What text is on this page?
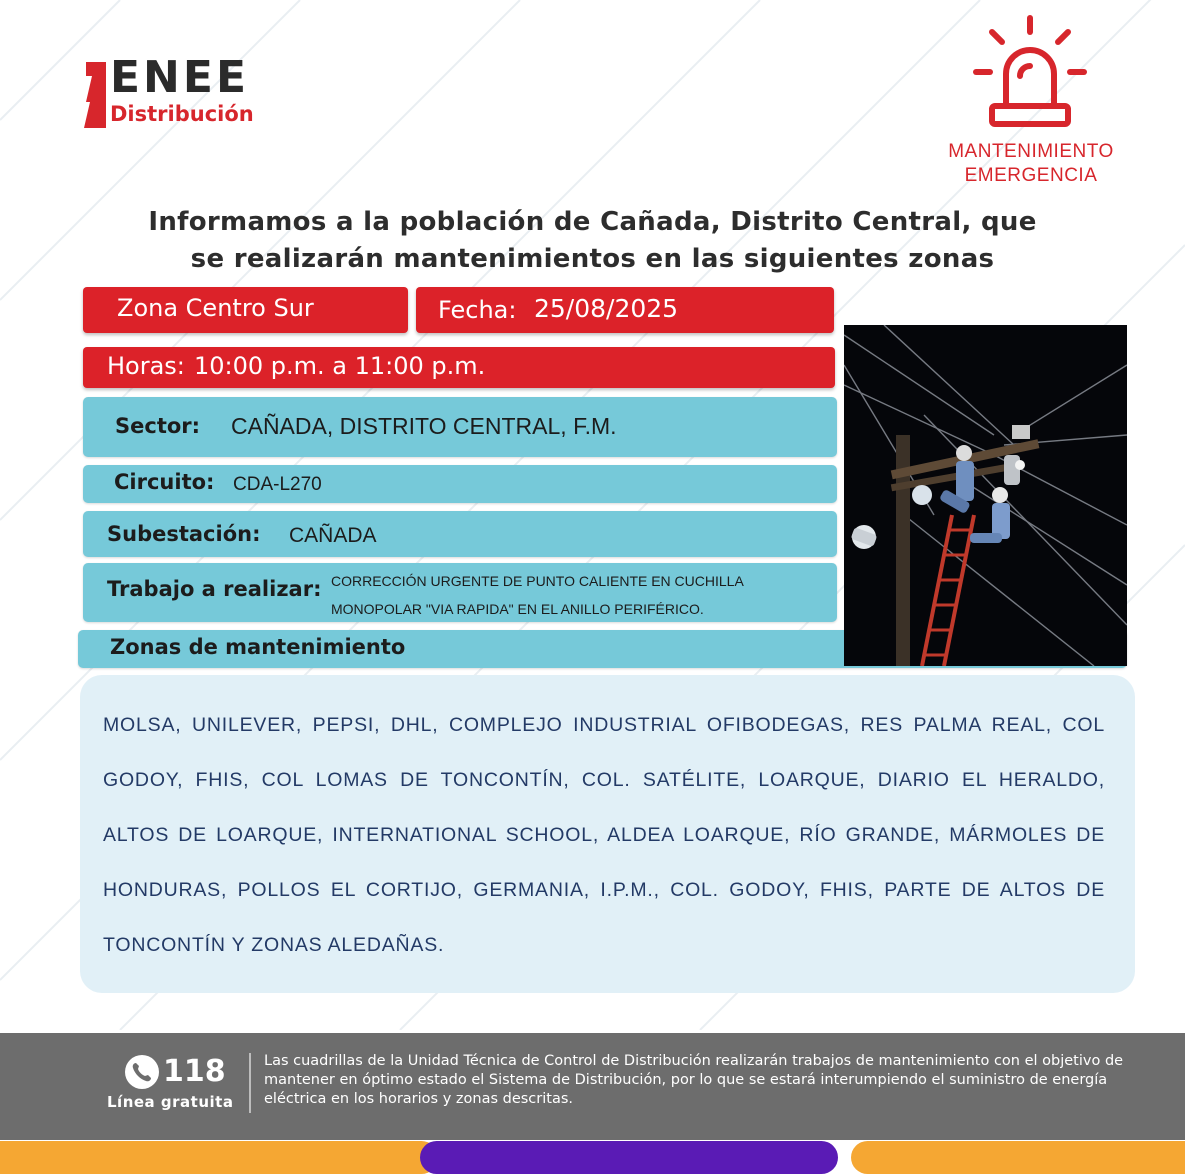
ENEE
Distribución
MANTENIMIENTO
EMERGENCIA
Informamos a la población de Cañada, Distrito Central, que
se realizarán mantenimientos en las siguientes zonas
Zona Centro Sur	Fecha: 25/08/2025
Horas: 10:00 p.m. a 11:00 p.m.
Sector: CAÑADA, DISTRITO CENTRAL, F.M.
Circuito: CDA-L270
Subestación: CAÑADA
Trabajo a realizar: CORRECCIÓN URGENTE DE PUNTO CALIENTE EN CUCHILLA
MONOPOLAR "VIA RAPIDA" EN EL ANILLO PERIFÉRICO.
Zonas de mantenimiento
MOLSA, UNILEVER, PEPSI, DHL, COMPLEJO INDUSTRIAL OFIBODEGAS, RES PALMA REAL, COL GODOY, FHIS, COL LOMAS DE TONCONTÍN, COL. SATÉLITE, LOARQUE, DIARIO EL HERALDO, ALTOS DE LOARQUE, INTERNATIONAL SCHOOL, ALDEA LOARQUE, RÍO GRANDE, MÁRMOLES DE HONDURAS, POLLOS EL CORTIJO, GERMANIA, I.P.M., COL. GODOY, FHIS, PARTE DE ALTOS DE TONCONTÍN Y ZONAS ALEDAÑAS.
118
Línea gratuita
Las cuadrillas de la Unidad Técnica de Control de Distribución realizarán trabajos de mantenimiento con el objetivo de mantener en óptimo estado el Sistema de Distribución, por lo que se estará interumpiendo el suministro de energía eléctrica en los horarios y zonas descritas.
